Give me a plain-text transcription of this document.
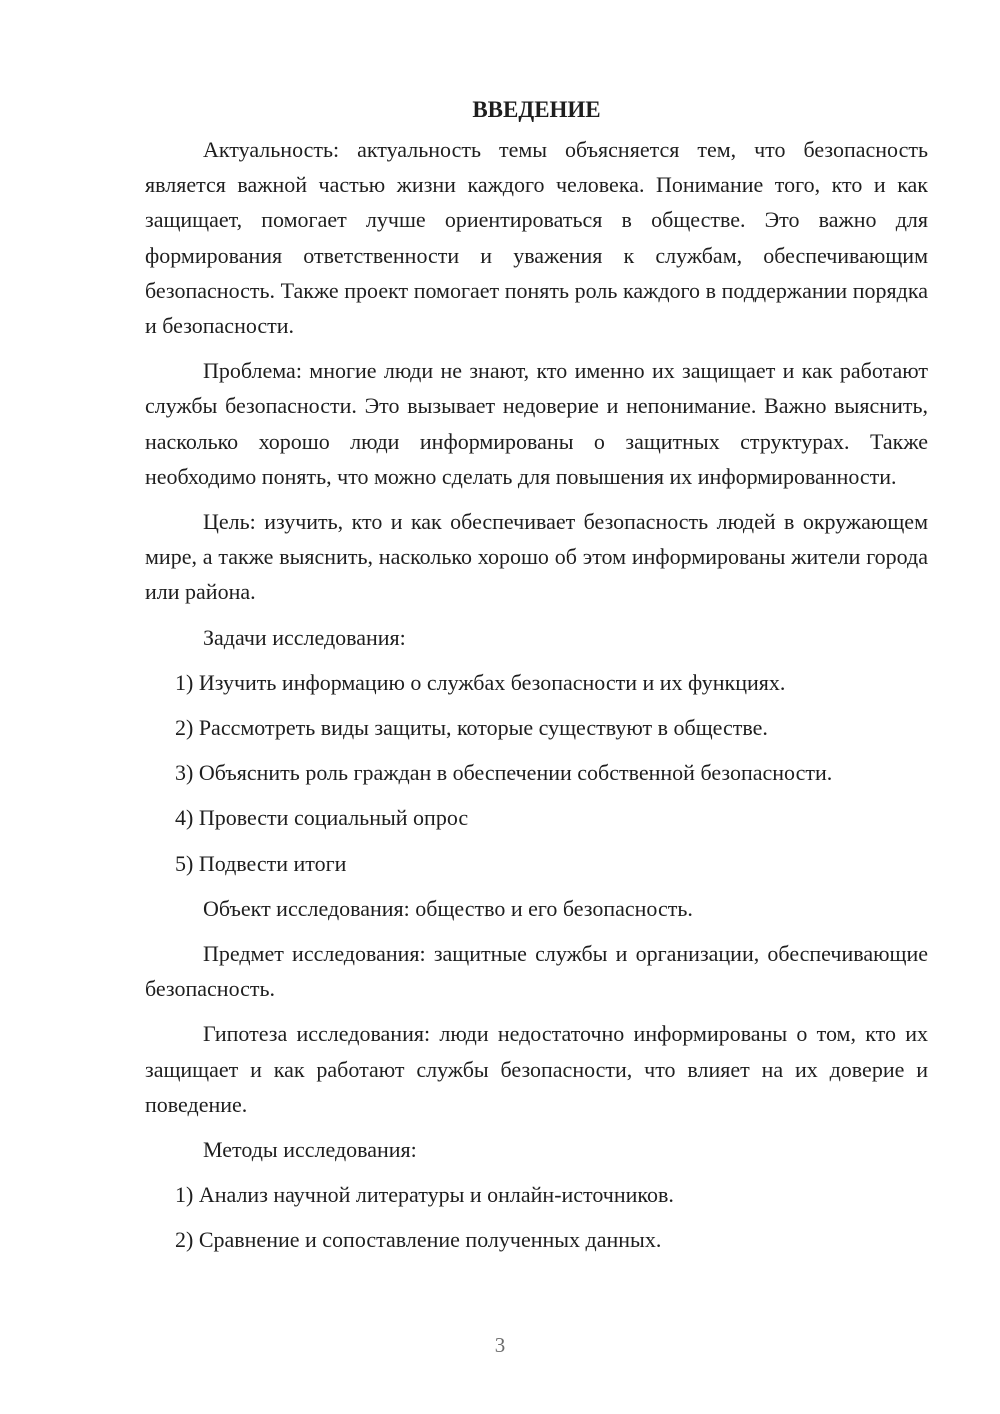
ВВЕДЕНИЕ

Актуальность: актуальность темы объясняется тем, что безопасность является важной частью жизни каждого человека. Понимание того, кто и как защищает, помогает лучше ориентироваться в обществе. Это важно для формирования ответственности и уважения к службам, обеспечивающим безопасность. Также проект помогает понять роль каждого в поддержании порядка и безопасности.

Проблема: многие люди не знают, кто именно их защищает и как работают службы безопасности. Это вызывает недоверие и непонимание. Важно выяснить, насколько хорошо люди информированы о защитных структурах. Также необходимо понять, что можно сделать для повышения их информированности.

Цель: изучить, кто и как обеспечивает безопасность людей в окружающем мире, а также выяснить, насколько хорошо об этом информированы жители города или района.

Задачи исследования:

1) Изучить информацию о службах безопасности и их функциях.

2) Рассмотреть виды защиты, которые существуют в обществе.

3) Объяснить роль граждан в обеспечении собственной безопасности.

4) Провести социальный опрос

5) Подвести итоги

Объект исследования: общество и его безопасность.

Предмет исследования: защитные службы и организации, обеспечивающие безопасность.

Гипотеза исследования: люди недостаточно информированы о том, кто их защищает и как работают службы безопасности, что влияет на их доверие и поведение.

Методы исследования:

1) Анализ научной литературы и онлайн-источников.

2) Сравнение и сопоставление полученных данных.

3
